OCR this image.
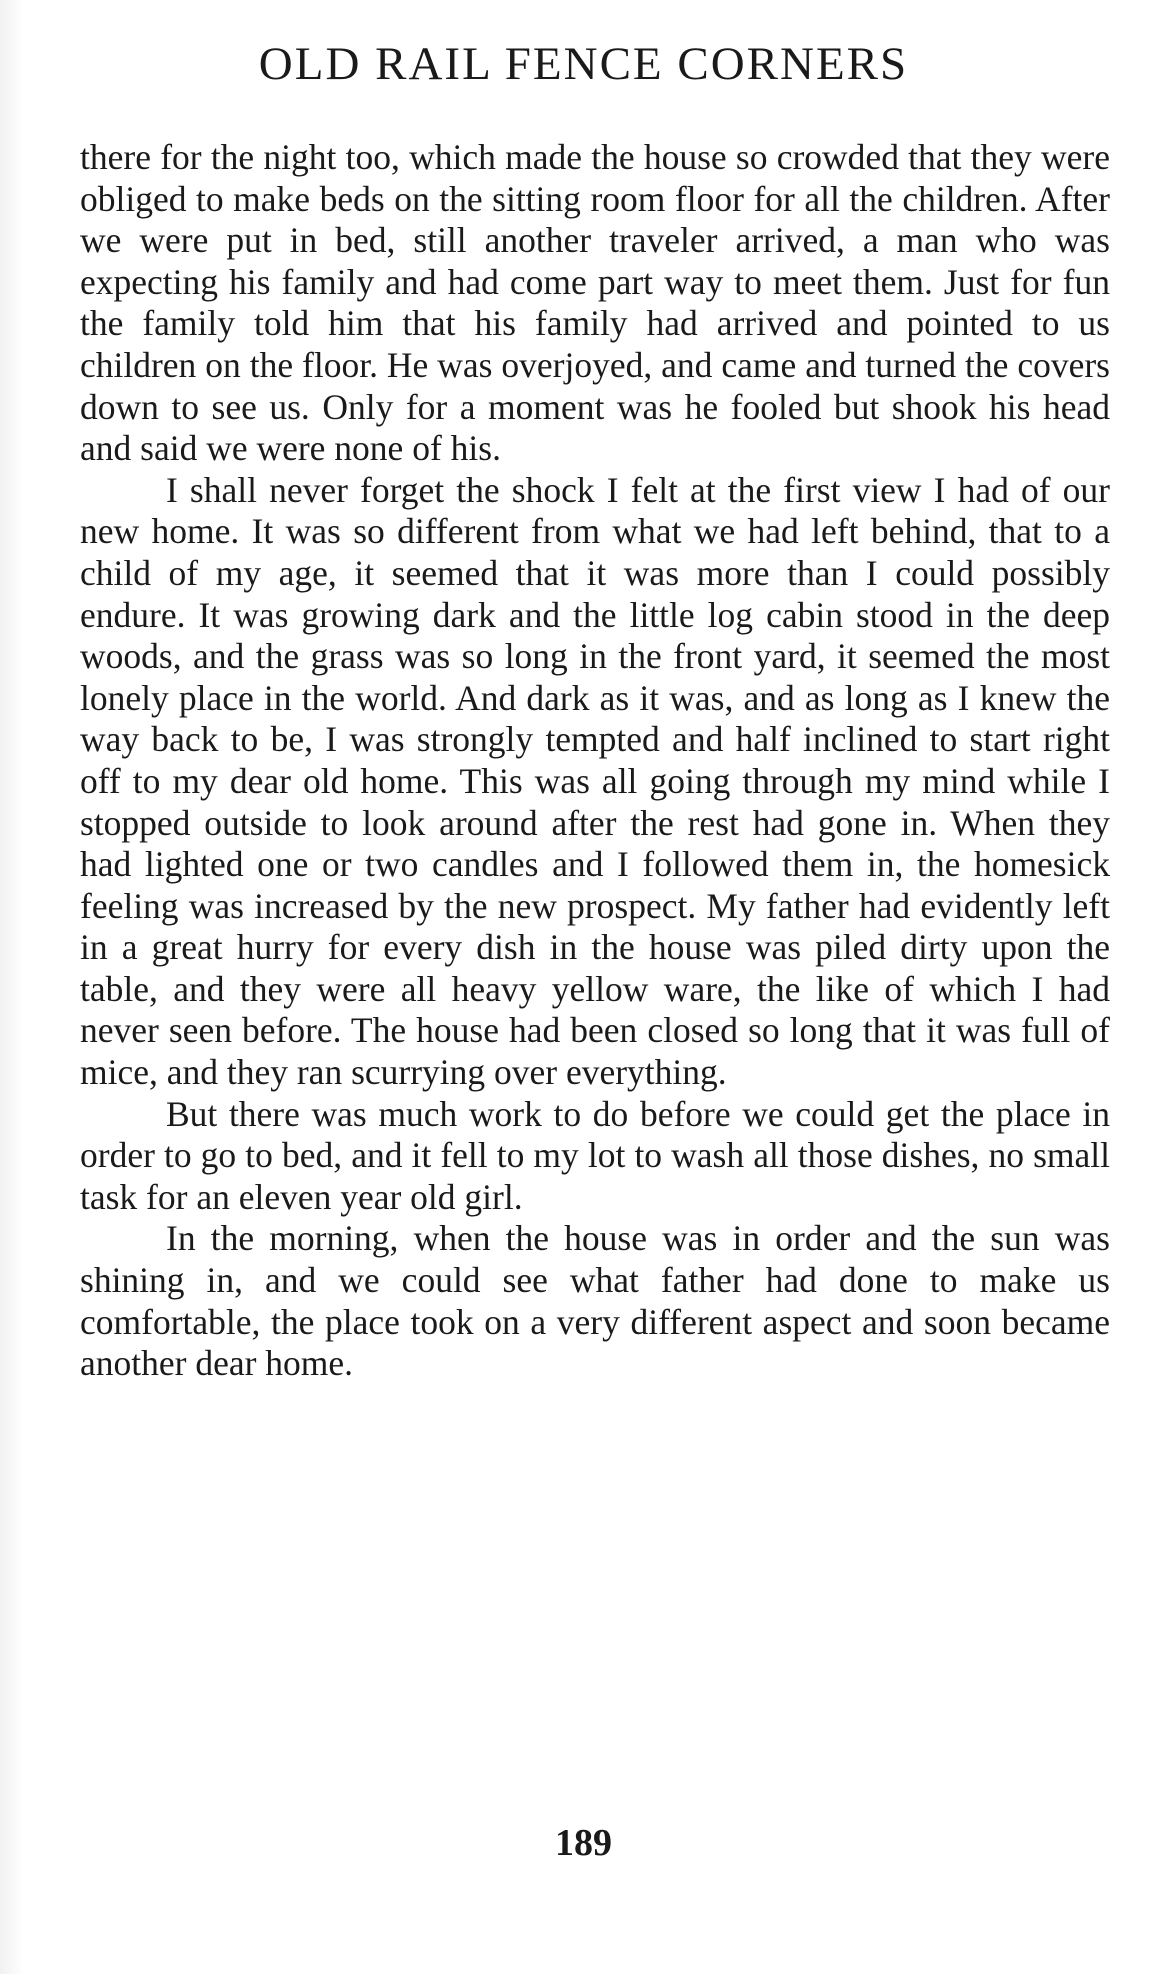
OLD RAIL FENCE CORNERS

there for the night too, which made the house so crowded that they were obliged to make beds on the sitting room floor for all the children. After we were put in bed, still another traveler arrived, a man who was expecting his family and had come part way to meet them. Just for fun the family told him that his family had arrived and pointed to us children on the floor. He was overjoyed, and came and turned the covers down to see us. Only for a moment was he fooled but shook his head and said we were none of his.

I shall never forget the shock I felt at the first view I had of our new home. It was so different from what we had left behind, that to a child of my age, it seemed that it was more than I could possibly endure. It was growing dark and the little log cabin stood in the deep woods, and the grass was so long in the front yard, it seemed the most lonely place in the world. And dark as it was, and as long as I knew the way back to be, I was strongly tempted and half inclined to start right off to my dear old home. This was all going through my mind while I stopped outside to look around after the rest had gone in. When they had lighted one or two candles and I followed them in, the homesick feeling was increased by the new prospect. My father had evidently left in a great hurry for every dish in the house was piled dirty upon the table, and they were all heavy yellow ware, the like of which I had never seen before. The house had been closed so long that it was full of mice, and they ran scurrying over everything.

But there was much work to do before we could get the place in order to go to bed, and it fell to my lot to wash all those dishes, no small task for an eleven year old girl.

In the morning, when the house was in order and the sun was shining in, and we could see what father had done to make us comfortable, the place took on a very different aspect and soon became another dear home.

189
